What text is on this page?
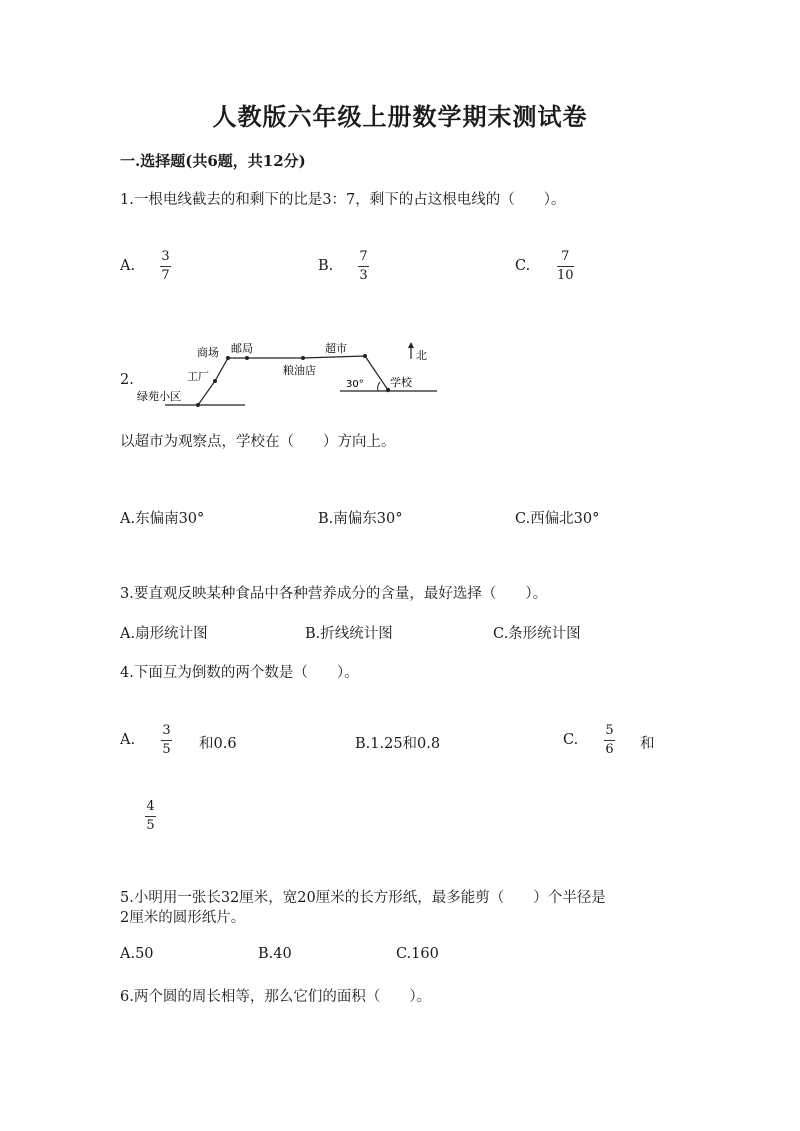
人教版六年级上册数学期末测试卷
一.选择题(共6题，共12分)
1.一根电线截去的和剩下的比是3：7，剩下的占这根电线的（　　）。
A.
3
7
B.
7
3
C.
7
10
2.
商场 邮局	超市
北
工厂	粮油店
30° 学校
绿苑小区
以超市为观察点，学校在（　　）方向上。
A.东偏南30°	B.南偏东30°	C.西偏北30°
3.要直观反映某种食品中各种营养成分的含量，最好选择（　　）。
A.扇形统计图	B.折线统计图	C.条形统计图
4.下面互为倒数的两个数是（　　）。
A.
3
5 和0.6	B.1.25和0.8	C.
5
6 和
4
5
5.小明用一张长32厘米，宽20厘米的长方形纸，最多能剪（　　）个半径是
2厘米的圆形纸片。
A.50	B.40	C.160
6.两个圆的周长相等，那么它们的面积（　　）。
